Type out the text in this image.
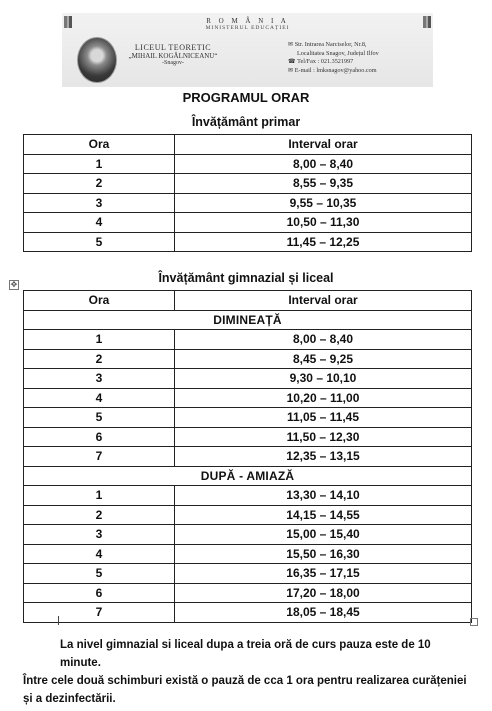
R O M Â N I A
MINISTERUL EDUCAȚIEI
LICEUL TEORETIC
„MIHAIL KOGĂLNICEANU“
-Snagov-
✉ Str. Intrarea Narciselor, Nr.8,
Localitatea Snagov, Județul Ilfov
☎ Tel/Fax : 021.3521997
✉ E-mail : lmksnagov@yahoo.com
PROGRAMUL ORAR
Învățământ primar
Ora	Interval orar
1	8,00 – 8,40
2	8,55 – 9,35
3	9,55 – 10,35
4	10,50 – 11,30
5	11,45 – 12,25
✥	Învățământ gimnazial și liceal
Ora	Interval orar
DIMINEAȚĂ	
1	8,00 – 8,40
2	8,45 – 9,25
3	9,30 – 10,10
4	10,20 – 11,00
5	11,05 – 11,45
6	11,50 – 12,30
7	12,35 – 13,15
DUPĂ - AMIAZĂ	
1	13,30 – 14,10
2	14,15 – 14,55
3	15,00 – 15,40
4	15,50 – 16,30
5	16,35 – 17,15
6	17,20 – 18,00
7	18,05 – 18,45

La nivel gimnazial si liceal dupa a treia oră de curs pauza este de 10 minute.

Între cele două schimburi există o pauză de cca 1 ora pentru realizarea curățeniei și a dezinfectării.
